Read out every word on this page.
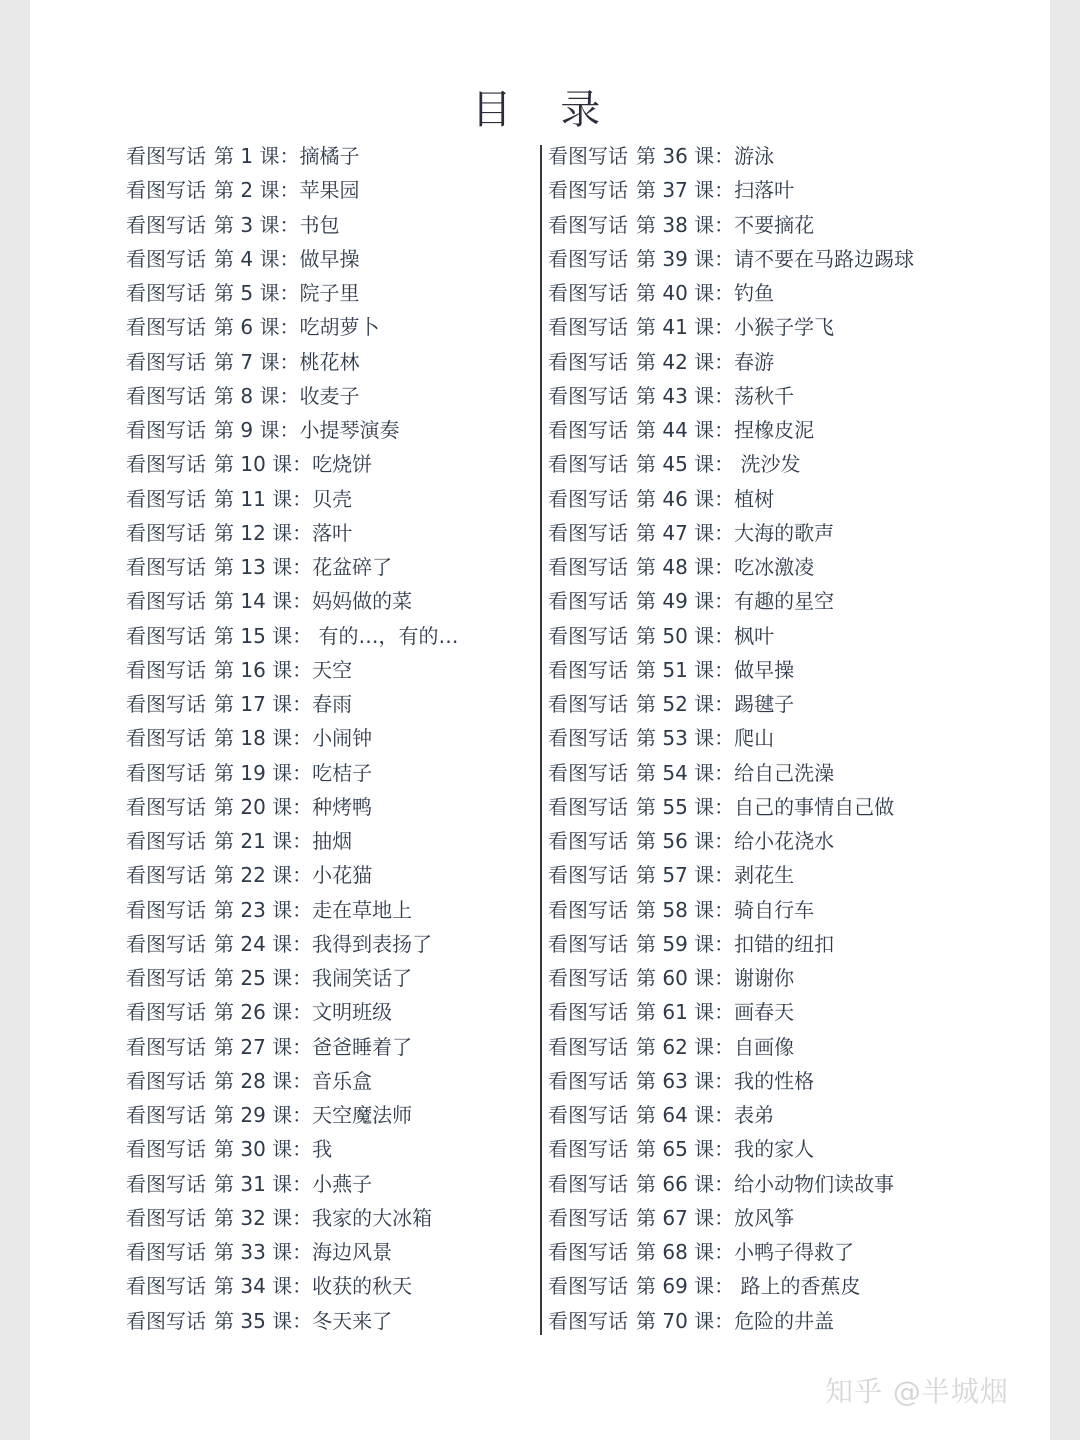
目 录
看图写话 第 1 课：摘橘子
看图写话 第 2 课：苹果园
看图写话 第 3 课：书包
看图写话 第 4 课：做早操
看图写话 第 5 课：院子里
看图写话 第 6 课：吃胡萝卜
看图写话 第 7 课：桃花林
看图写话 第 8 课：收麦子
看图写话 第 9 课：小提琴演奏
看图写话 第 10 课：吃烧饼
看图写话 第 11 课：贝壳
看图写话 第 12 课：落叶
看图写话 第 13 课：花盆碎了
看图写话 第 14 课：妈妈做的菜
看图写话 第 15 课： 有的…，有的…
看图写话 第 16 课：天空
看图写话 第 17 课：春雨
看图写话 第 18 课：小闹钟
看图写话 第 19 课：吃桔子
看图写话 第 20 课：种烤鸭
看图写话 第 21 课：抽烟
看图写话 第 22 课：小花猫
看图写话 第 23 课：走在草地上
看图写话 第 24 课：我得到表扬了
看图写话 第 25 课：我闹笑话了
看图写话 第 26 课：文明班级
看图写话 第 27 课：爸爸睡着了
看图写话 第 28 课：音乐盒
看图写话 第 29 课：天空魔法师
看图写话 第 30 课：我
看图写话 第 31 课：小燕子
看图写话 第 32 课：我家的大冰箱
看图写话 第 33 课：海边风景
看图写话 第 34 课：收获的秋天
看图写话 第 35 课：冬天来了
看图写话 第 36 课：游泳
看图写话 第 37 课：扫落叶
看图写话 第 38 课：不要摘花
看图写话 第 39 课：请不要在马路边踢球
看图写话 第 40 课：钓鱼
看图写话 第 41 课：小猴子学飞
看图写话 第 42 课：春游
看图写话 第 43 课：荡秋千
看图写话 第 44 课：捏橡皮泥
看图写话 第 45 课： 洗沙发
看图写话 第 46 课：植树
看图写话 第 47 课：大海的歌声
看图写话 第 48 课：吃冰激凌
看图写话 第 49 课：有趣的星空
看图写话 第 50 课：枫叶
看图写话 第 51 课：做早操
看图写话 第 52 课：踢毽子
看图写话 第 53 课：爬山
看图写话 第 54 课：给自己洗澡
看图写话 第 55 课：自己的事情自己做
看图写话 第 56 课：给小花浇水
看图写话 第 57 课：剥花生
看图写话 第 58 课：骑自行车
看图写话 第 59 课：扣错的纽扣
看图写话 第 60 课：谢谢你
看图写话 第 61 课：画春天
看图写话 第 62 课：自画像
看图写话 第 63 课：我的性格
看图写话 第 64 课：表弟
看图写话 第 65 课：我的家人
看图写话 第 66 课：给小动物们读故事
看图写话 第 67 课：放风筝
看图写话 第 68 课：小鸭子得救了
看图写话 第 69 课： 路上的香蕉皮
看图写话 第 70 课：危险的井盖
知乎 @半城烟
